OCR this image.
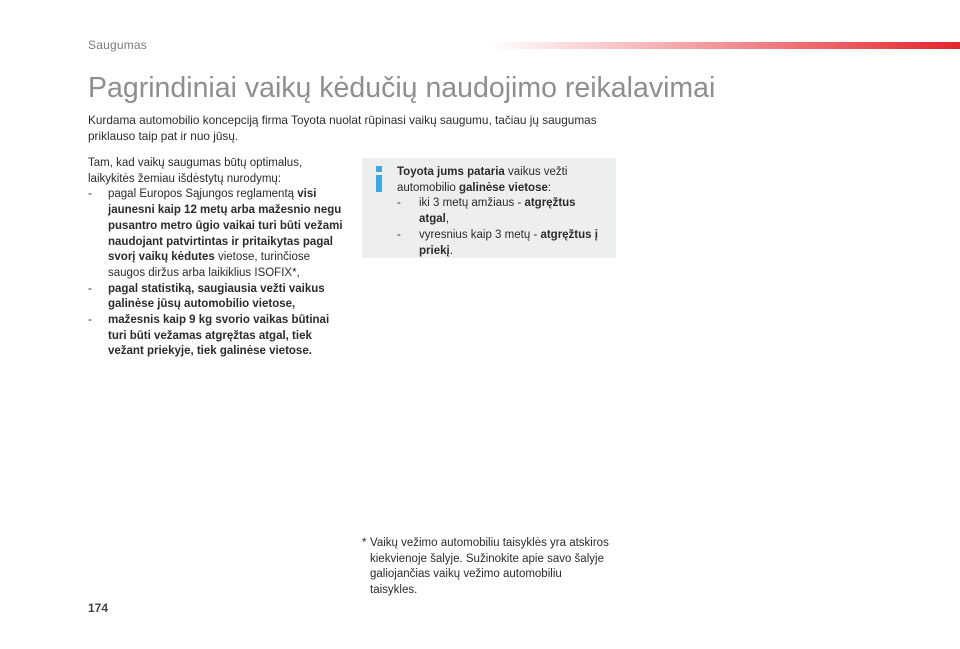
Saugumas
Pagrindiniai vaikų kėdučių naudojimo reikalavimai

Kurdama automobilio koncepciją firma Toyota nuolat rūpinasi vaikų saugumu, tačiau jų saugumas priklauso taip pat ir nuo jūsų.

Tam, kad vaikų saugumas būtų optimalus, laikykitės žemiau išdėstytų nurodymų:

- pagal Europos Sąjungos reglamentą visi jaunesni kaip 12 metų arba mažesnio negu pusantro metro ūgio vaikai turi būti vežami naudojant patvirtintas ir pritaikytas pagal svorį vaikų kėdutes vietose, turinčiose saugos diržus arba laikiklius ISOFIX*,
- pagal statistiką, saugiausia vežti vaikus galinėse jūsų automobilio vietose,
- mažesnis kaip 9 kg svorio vaikas būtinai turi būti vežamas atgręžtas atgal, tiek vežant priekyje, tiek galinėse vietose.

Toyota jums pataria vaikus vežti automobilio galinėse vietose:

- iki 3 metų amžiaus - atgręžtus atgal,
- vyresnius kaip 3 metų - atgręžtus į priekį.
* Vaikų vežimo automobiliu taisyklės yra atskiros kiekvienoje šalyje. Sužinokite apie savo šalyje galiojančias vaikų vežimo automobiliu taisykles.
174
